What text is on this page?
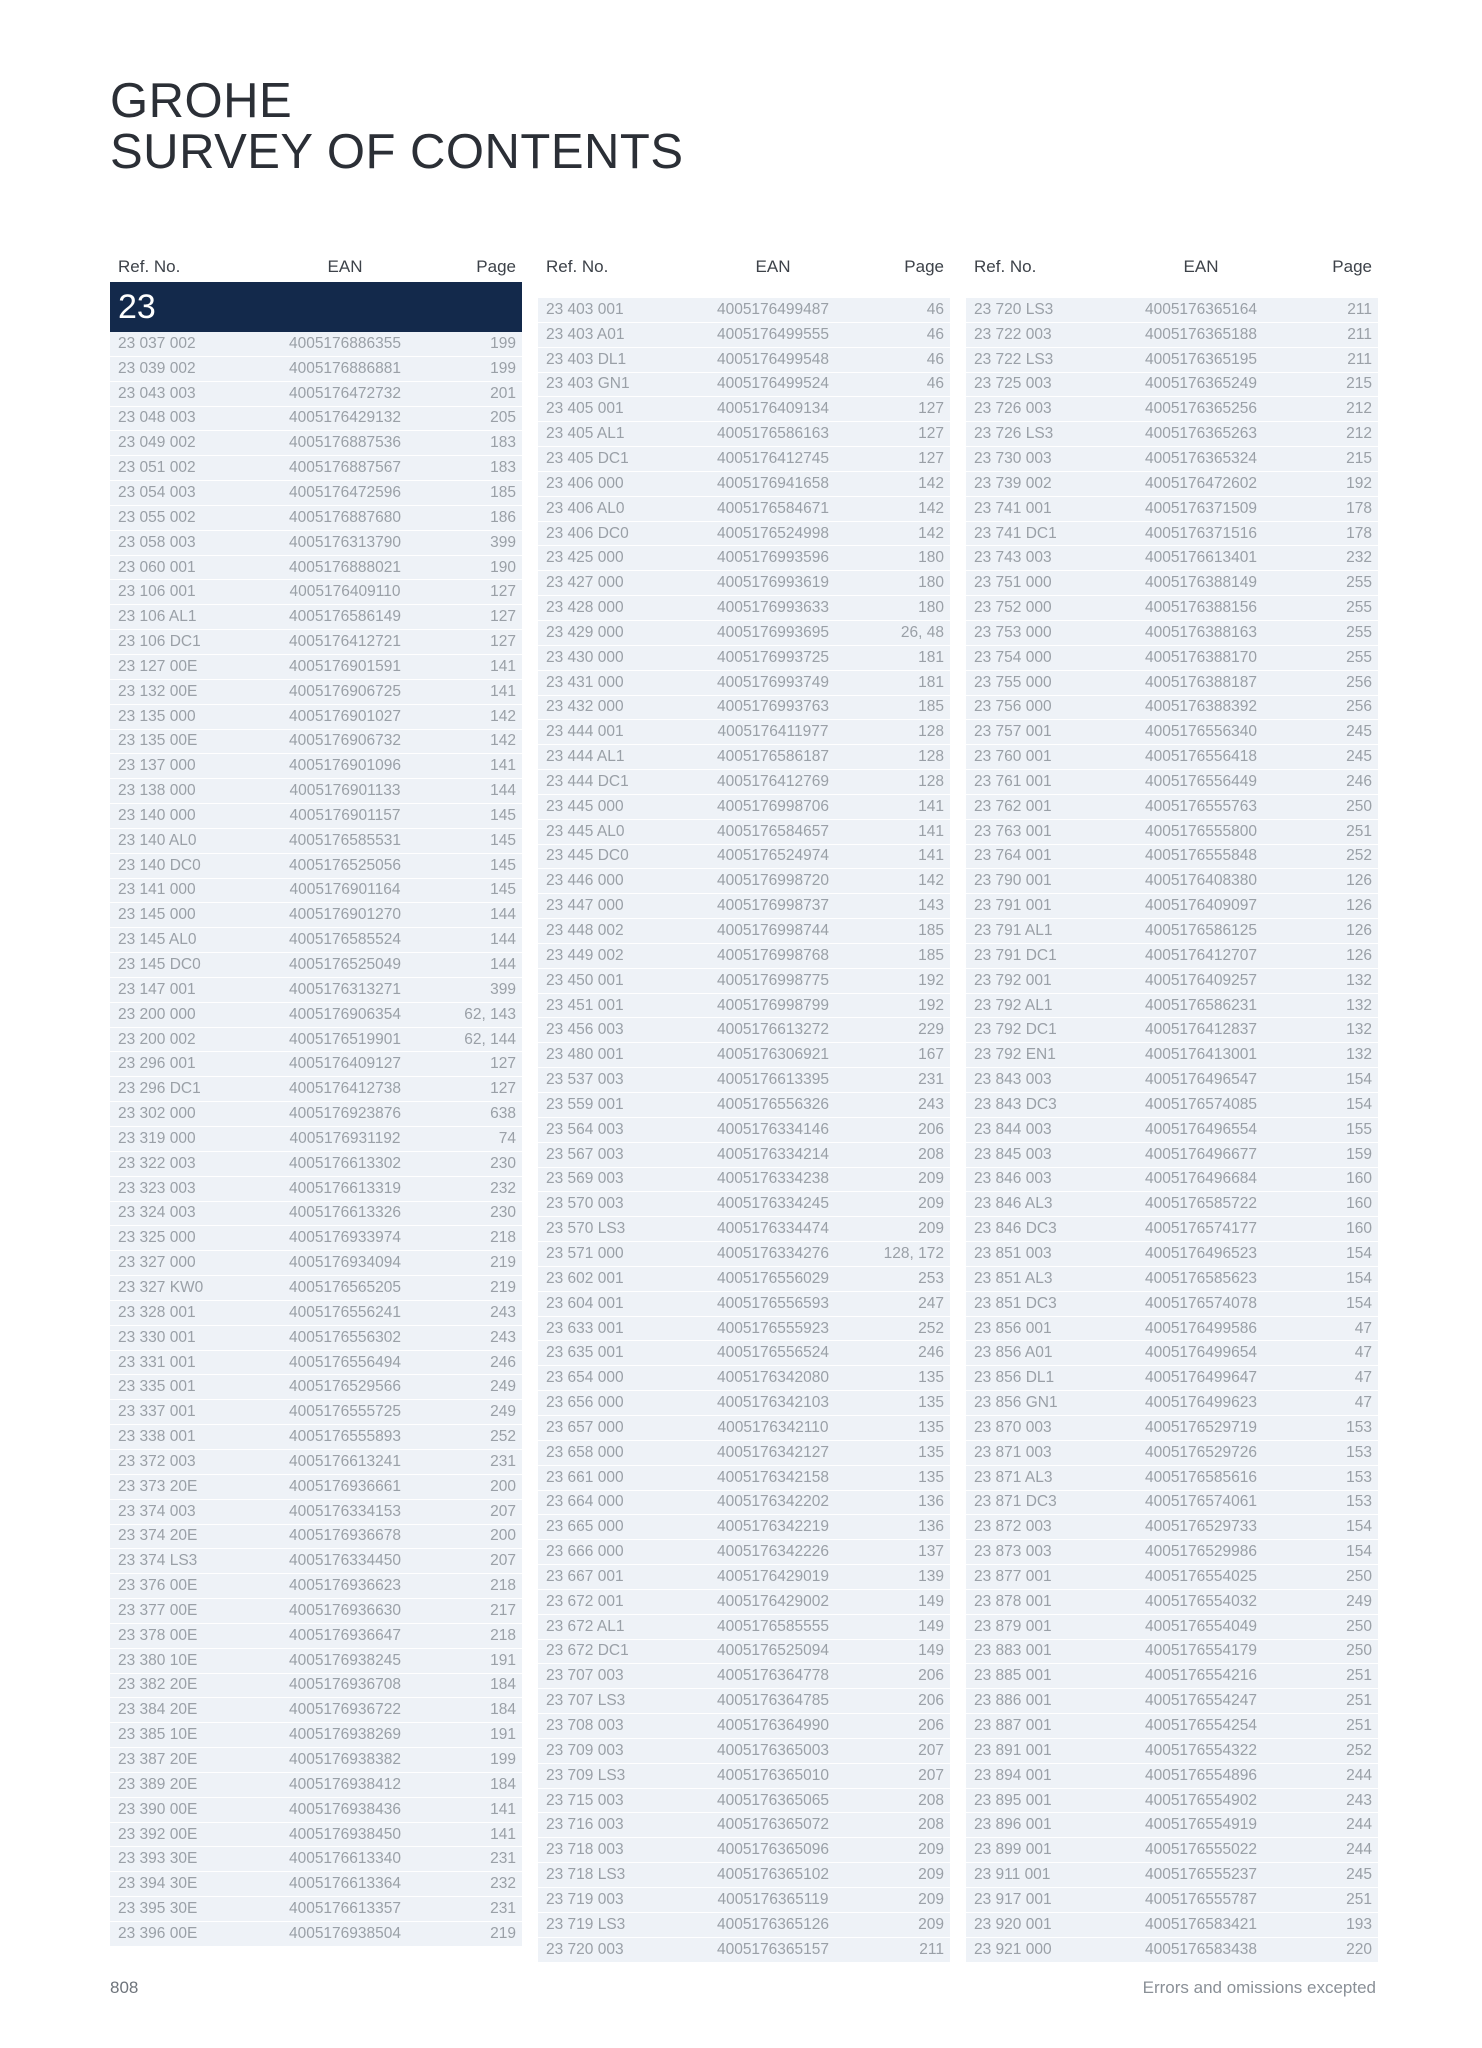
GROHE
SURVEY OF CONTENTS
Ref. No.	EAN	Page
23
23 037 002	4005176886355	199
23 039 002	4005176886881	199
23 043 003	4005176472732	201
23 048 003	4005176429132	205
23 049 002	4005176887536	183
23 051 002	4005176887567	183
23 054 003	4005176472596	185
23 055 002	4005176887680	186
23 058 003	4005176313790	399
23 060 001	4005176888021	190
23 106 001	4005176409110	127
23 106 AL1	4005176586149	127
23 106 DC1	4005176412721	127
23 127 00E	4005176901591	141
23 132 00E	4005176906725	141
23 135 000	4005176901027	142
23 135 00E	4005176906732	142
23 137 000	4005176901096	141
23 138 000	4005176901133	144
23 140 000	4005176901157	145
23 140 AL0	4005176585531	145
23 140 DC0	4005176525056	145
23 141 000	4005176901164	145
23 145 000	4005176901270	144
23 145 AL0	4005176585524	144
23 145 DC0	4005176525049	144
23 147 001	4005176313271	399
23 200 000	4005176906354	62, 143
23 200 002	4005176519901	62, 144
23 296 001	4005176409127	127
23 296 DC1	4005176412738	127
23 302 000	4005176923876	638
23 319 000	4005176931192	74
23 322 003	4005176613302	230
23 323 003	4005176613319	232
23 324 003	4005176613326	230
23 325 000	4005176933974	218
23 327 000	4005176934094	219
23 327 KW0	4005176565205	219
23 328 001	4005176556241	243
23 330 001	4005176556302	243
23 331 001	4005176556494	246
23 335 001	4005176529566	249
23 337 001	4005176555725	249
23 338 001	4005176555893	252
23 372 003	4005176613241	231
23 373 20E	4005176936661	200
23 374 003	4005176334153	207
23 374 20E	4005176936678	200
23 374 LS3	4005176334450	207
23 376 00E	4005176936623	218
23 377 00E	4005176936630	217
23 378 00E	4005176936647	218
23 380 10E	4005176938245	191
23 382 20E	4005176936708	184
23 384 20E	4005176936722	184
23 385 10E	4005176938269	191
23 387 20E	4005176938382	199
23 389 20E	4005176938412	184
23 390 00E	4005176938436	141
23 392 00E	4005176938450	141
23 393 30E	4005176613340	231
23 394 30E	4005176613364	232
23 395 30E	4005176613357	231
23 396 00E	4005176938504	219
Ref. No.	EAN	Page
23 403 001	4005176499487	46
23 403 A01	4005176499555	46
23 403 DL1	4005176499548	46
23 403 GN1	4005176499524	46
23 405 001	4005176409134	127
23 405 AL1	4005176586163	127
23 405 DC1	4005176412745	127
23 406 000	4005176941658	142
23 406 AL0	4005176584671	142
23 406 DC0	4005176524998	142
23 425 000	4005176993596	180
23 427 000	4005176993619	180
23 428 000	4005176993633	180
23 429 000	4005176993695	26, 48
23 430 000	4005176993725	181
23 431 000	4005176993749	181
23 432 000	4005176993763	185
23 444 001	4005176411977	128
23 444 AL1	4005176586187	128
23 444 DC1	4005176412769	128
23 445 000	4005176998706	141
23 445 AL0	4005176584657	141
23 445 DC0	4005176524974	141
23 446 000	4005176998720	142
23 447 000	4005176998737	143
23 448 002	4005176998744	185
23 449 002	4005176998768	185
23 450 001	4005176998775	192
23 451 001	4005176998799	192
23 456 003	4005176613272	229
23 480 001	4005176306921	167
23 537 003	4005176613395	231
23 559 001	4005176556326	243
23 564 003	4005176334146	206
23 567 003	4005176334214	208
23 569 003	4005176334238	209
23 570 003	4005176334245	209
23 570 LS3	4005176334474	209
23 571 000	4005176334276	128, 172
23 602 001	4005176556029	253
23 604 001	4005176556593	247
23 633 001	4005176555923	252
23 635 001	4005176556524	246
23 654 000	4005176342080	135
23 656 000	4005176342103	135
23 657 000	4005176342110	135
23 658 000	4005176342127	135
23 661 000	4005176342158	135
23 664 000	4005176342202	136
23 665 000	4005176342219	136
23 666 000	4005176342226	137
23 667 001	4005176429019	139
23 672 001	4005176429002	149
23 672 AL1	4005176585555	149
23 672 DC1	4005176525094	149
23 707 003	4005176364778	206
23 707 LS3	4005176364785	206
23 708 003	4005176364990	206
23 709 003	4005176365003	207
23 709 LS3	4005176365010	207
23 715 003	4005176365065	208
23 716 003	4005176365072	208
23 718 003	4005176365096	209
23 718 LS3	4005176365102	209
23 719 003	4005176365119	209
23 719 LS3	4005176365126	209
23 720 003	4005176365157	211
Ref. No.	EAN	Page
23 720 LS3	4005176365164	211
23 722 003	4005176365188	211
23 722 LS3	4005176365195	211
23 725 003	4005176365249	215
23 726 003	4005176365256	212
23 726 LS3	4005176365263	212
23 730 003	4005176365324	215
23 739 002	4005176472602	192
23 741 001	4005176371509	178
23 741 DC1	4005176371516	178
23 743 003	4005176613401	232
23 751 000	4005176388149	255
23 752 000	4005176388156	255
23 753 000	4005176388163	255
23 754 000	4005176388170	255
23 755 000	4005176388187	256
23 756 000	4005176388392	256
23 757 001	4005176556340	245
23 760 001	4005176556418	245
23 761 001	4005176556449	246
23 762 001	4005176555763	250
23 763 001	4005176555800	251
23 764 001	4005176555848	252
23 790 001	4005176408380	126
23 791 001	4005176409097	126
23 791 AL1	4005176586125	126
23 791 DC1	4005176412707	126
23 792 001	4005176409257	132
23 792 AL1	4005176586231	132
23 792 DC1	4005176412837	132
23 792 EN1	4005176413001	132
23 843 003	4005176496547	154
23 843 DC3	4005176574085	154
23 844 003	4005176496554	155
23 845 003	4005176496677	159
23 846 003	4005176496684	160
23 846 AL3	4005176585722	160
23 846 DC3	4005176574177	160
23 851 003	4005176496523	154
23 851 AL3	4005176585623	154
23 851 DC3	4005176574078	154
23 856 001	4005176499586	47
23 856 A01	4005176499654	47
23 856 DL1	4005176499647	47
23 856 GN1	4005176499623	47
23 870 003	4005176529719	153
23 871 003	4005176529726	153
23 871 AL3	4005176585616	153
23 871 DC3	4005176574061	153
23 872 003	4005176529733	154
23 873 003	4005176529986	154
23 877 001	4005176554025	250
23 878 001	4005176554032	249
23 879 001	4005176554049	250
23 883 001	4005176554179	250
23 885 001	4005176554216	251
23 886 001	4005176554247	251
23 887 001	4005176554254	251
23 891 001	4005176554322	252
23 894 001	4005176554896	244
23 895 001	4005176554902	243
23 896 001	4005176554919	244
23 899 001	4005176555022	244
23 911 001	4005176555237	245
23 917 001	4005176555787	251
23 920 001	4005176583421	193
23 921 000	4005176583438	220
808	Errors and omissions excepted
